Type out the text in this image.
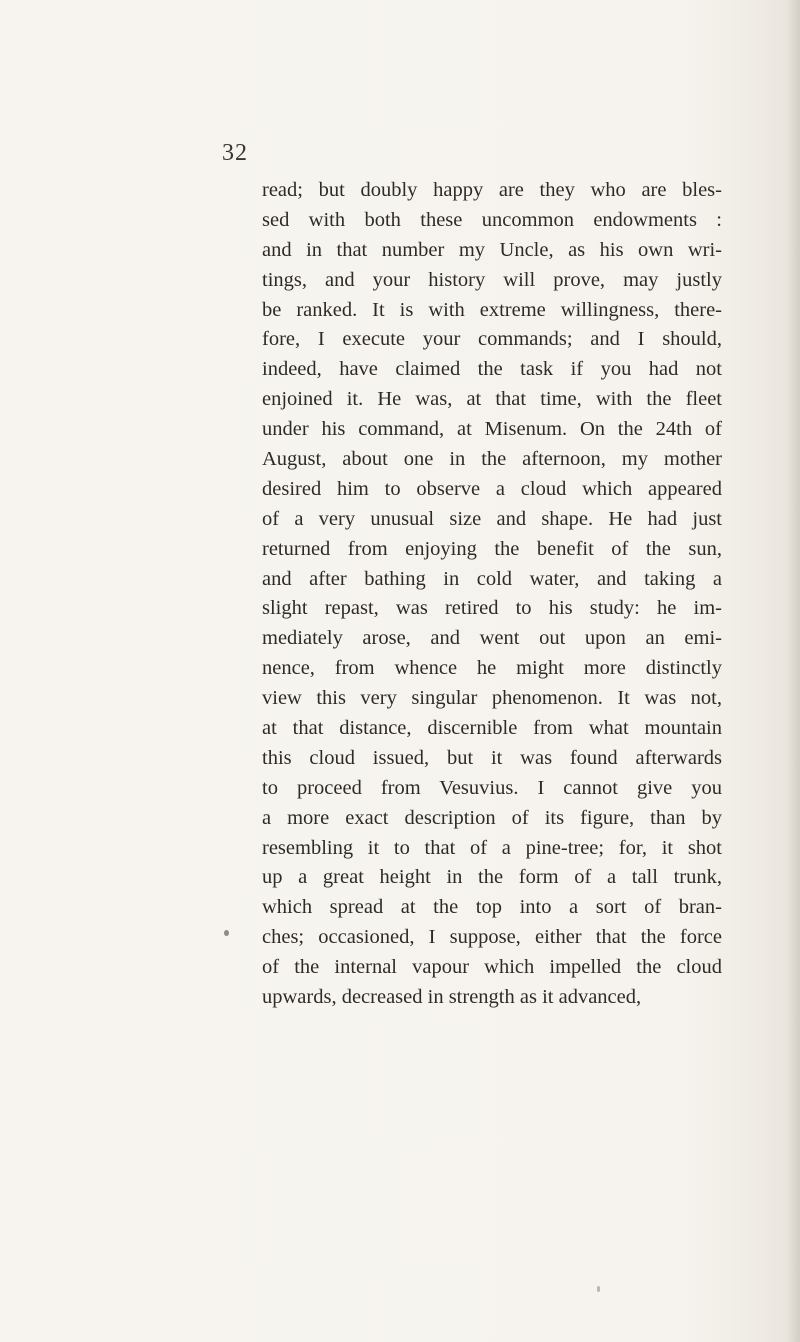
32
read; but doubly happy are they who are bles-
sed with both these uncommon endowments :
and in that number my Uncle, as his own wri-
tings, and your history will prove, may justly
be ranked. It is with extreme willingness, there-
fore, I execute your commands; and I should,
indeed, have claimed the task if you had not
enjoined it. He was, at that time, with the fleet
under his command, at Misenum. On the 24th of
August, about one in the afternoon, my mother
desired him to observe a cloud which appeared
of a very unusual size and shape. He had just
returned from enjoying the benefit of the sun,
and after bathing in cold water, and taking a
slight repast, was retired to his study: he im-
mediately arose, and went out upon an emi-
nence, from whence he might more distinctly
view this very singular phenomenon. It was not,
at that distance, discernible from what mountain
this cloud issued, but it was found afterwards
to proceed from Vesuvius. I cannot give you
a more exact description of its figure, than by
resembling it to that of a pine-tree; for, it shot
up a great height in the form of a tall trunk,
which spread at the top into a sort of bran-
ches; occasioned, I suppose, either that the force
of the internal vapour which impelled the cloud
upwards, decreased in strength as it advanced,
